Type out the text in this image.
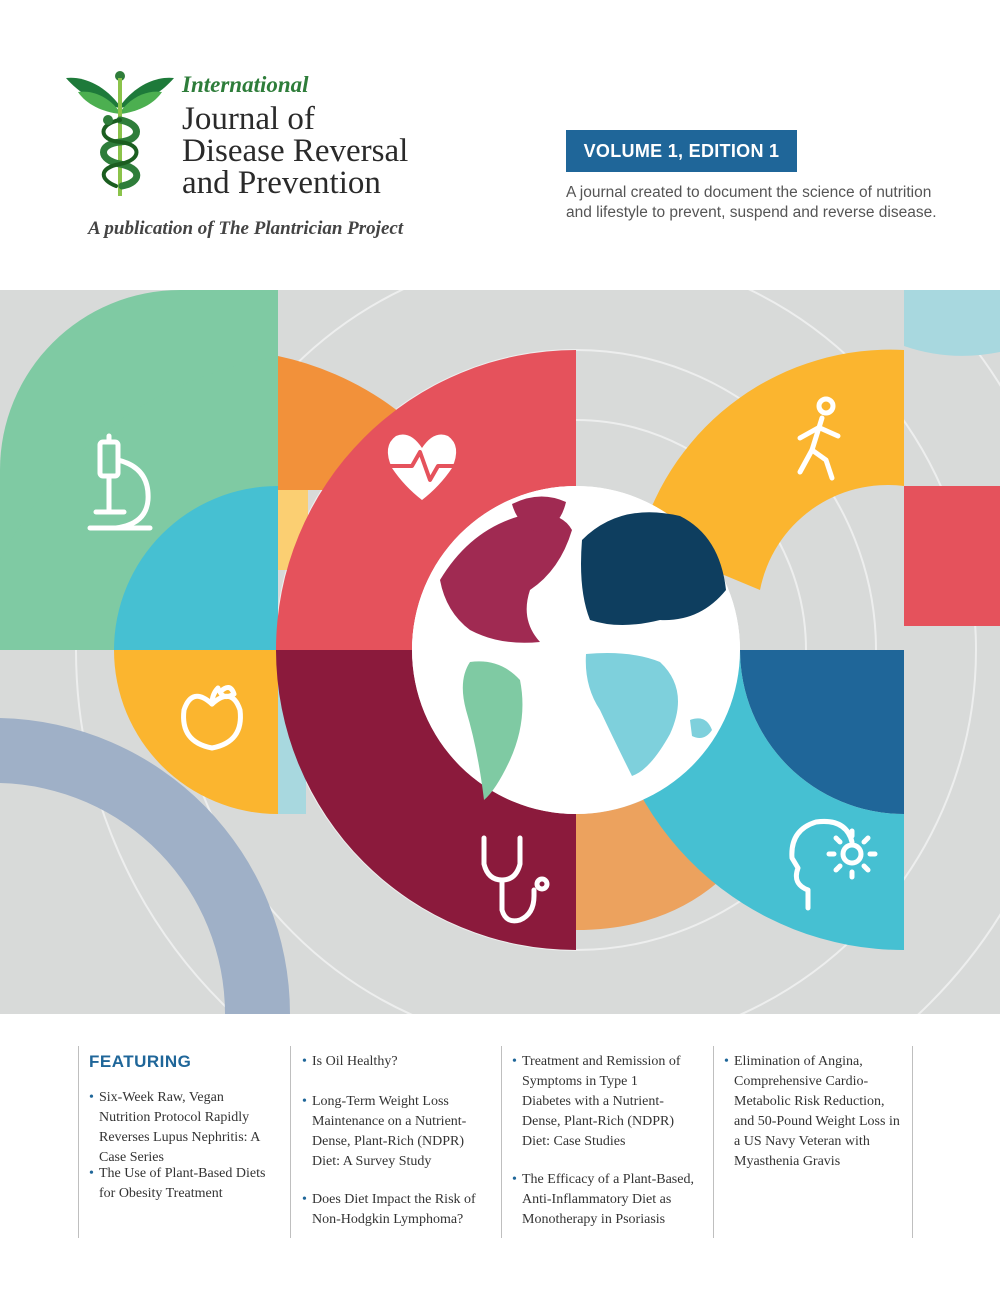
International
Journal of
Disease Reversal
and Prevention
A publication of The Plantrician Project
VOLUME 1, EDITION 1
A journal created to document the science of nutrition and lifestyle to prevent, suspend and reverse disease.
• Six-Week Raw, Vegan Nutrition Protocol Rapidly Reverses Lupus Nephritis: A Case Series
• The Use of Plant-Based Diets for Obesity Treatment
FEATURING	• Is Oil Healthy?
• Long-Term Weight Loss Maintenance on a Nutrient-Dense, Plant-Rich (NDPR) Diet: A Survey Study
• Does Diet Impact the Risk of Non-Hodgkin Lymphoma?
• Treatment and Remission of Symptoms in Type 1 Diabetes with a Nutrient-Dense, Plant-Rich (NDPR) Diet: Case Studies
• The Efficacy of a Plant-Based, Anti-Inflammatory Diet as Monotherapy in Psoriasis
• Elimination of Angina, Comprehensive Cardio-Metabolic Risk Reduction, and 50-Pound Weight Loss in a US Navy Veteran with Myasthenia Gravis
